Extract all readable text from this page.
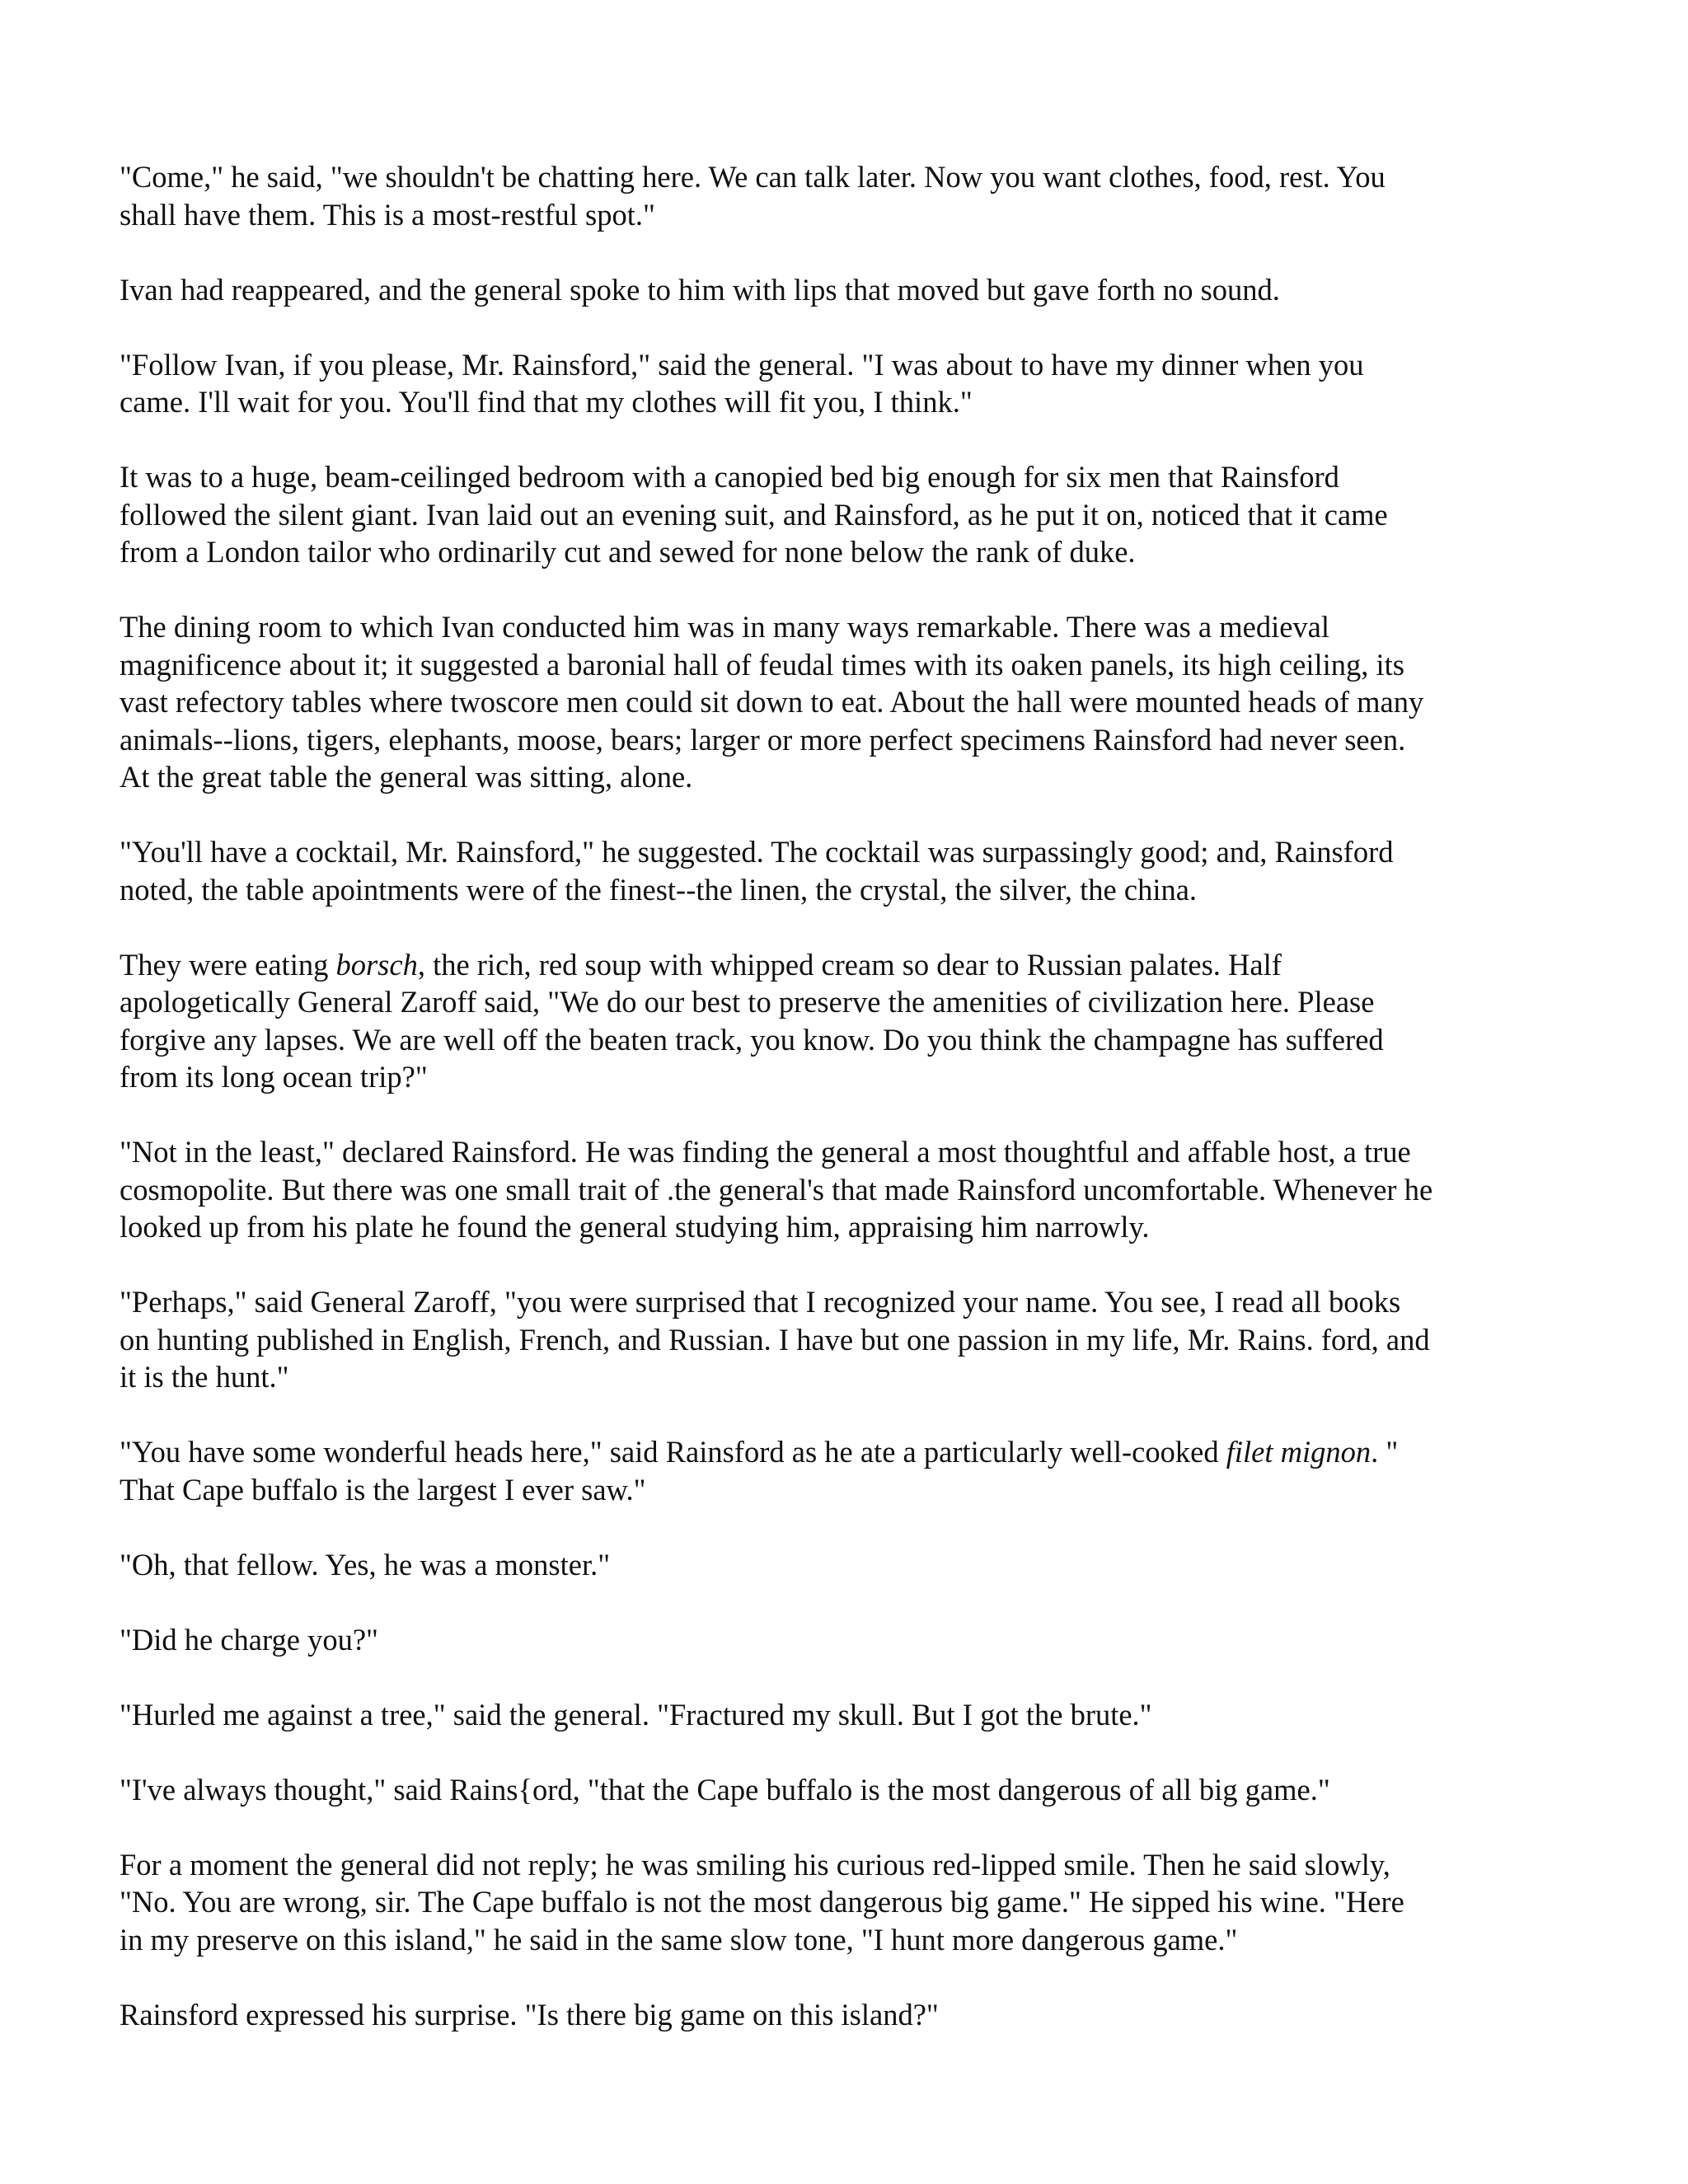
"Come," he said, "we shouldn't be chatting here. We can talk later. Now you want clothes, food, rest. You
shall have them. This is a most-restful spot."

Ivan had reappeared, and the general spoke to him with lips that moved but gave forth no sound.

"Follow Ivan, if you please, Mr. Rainsford," said the general. "I was about to have my dinner when you
came. I'll wait for you. You'll find that my clothes will fit you, I think."

It was to a huge, beam-ceilinged bedroom with a canopied bed big enough for six men that Rainsford
followed the silent giant. Ivan laid out an evening suit, and Rainsford, as he put it on, noticed that it came
from a London tailor who ordinarily cut and sewed for none below the rank of duke.

The dining room to which Ivan conducted him was in many ways remarkable. There was a medieval
magnificence about it; it suggested a baronial hall of feudal times with its oaken panels, its high ceiling, its
vast refectory tables where twoscore men could sit down to eat. About the hall were mounted heads of many
animals--lions, tigers, elephants, moose, bears; larger or more perfect specimens Rainsford had never seen.
At the great table the general was sitting, alone.

"You'll have a cocktail, Mr. Rainsford," he suggested. The cocktail was surpassingly good; and, Rainsford
noted, the table apointments were of the finest--the linen, the crystal, the silver, the china.

They were eating borsch, the rich, red soup with whipped cream so dear to Russian palates. Half
apologetically General Zaroff said, "We do our best to preserve the amenities of civilization here. Please
forgive any lapses. We are well off the beaten track, you know. Do you think the champagne has suffered
from its long ocean trip?"

"Not in the least," declared Rainsford. He was finding the general a most thoughtful and affable host, a true
cosmopolite. But there was one small trait of .the general's that made Rainsford uncomfortable. Whenever he
looked up from his plate he found the general studying him, appraising him narrowly.

"Perhaps," said General Zaroff, "you were surprised that I recognized your name. You see, I read all books
on hunting published in English, French, and Russian. I have but one passion in my life, Mr. Rains. ford, and
it is the hunt."

"You have some wonderful heads here," said Rainsford as he ate a particularly well-cooked filet mignon. "
That Cape buffalo is the largest I ever saw."

"Oh, that fellow. Yes, he was a monster."

"Did he charge you?"

"Hurled me against a tree," said the general. "Fractured my skull. But I got the brute."

"I've always thought," said Rains{ord, "that the Cape buffalo is the most dangerous of all big game."

For a moment the general did not reply; he was smiling his curious red-lipped smile. Then he said slowly,
"No. You are wrong, sir. The Cape buffalo is not the most dangerous big game." He sipped his wine. "Here
in my preserve on this island," he said in the same slow tone, "I hunt more dangerous game."

Rainsford expressed his surprise. "Is there big game on this island?"
